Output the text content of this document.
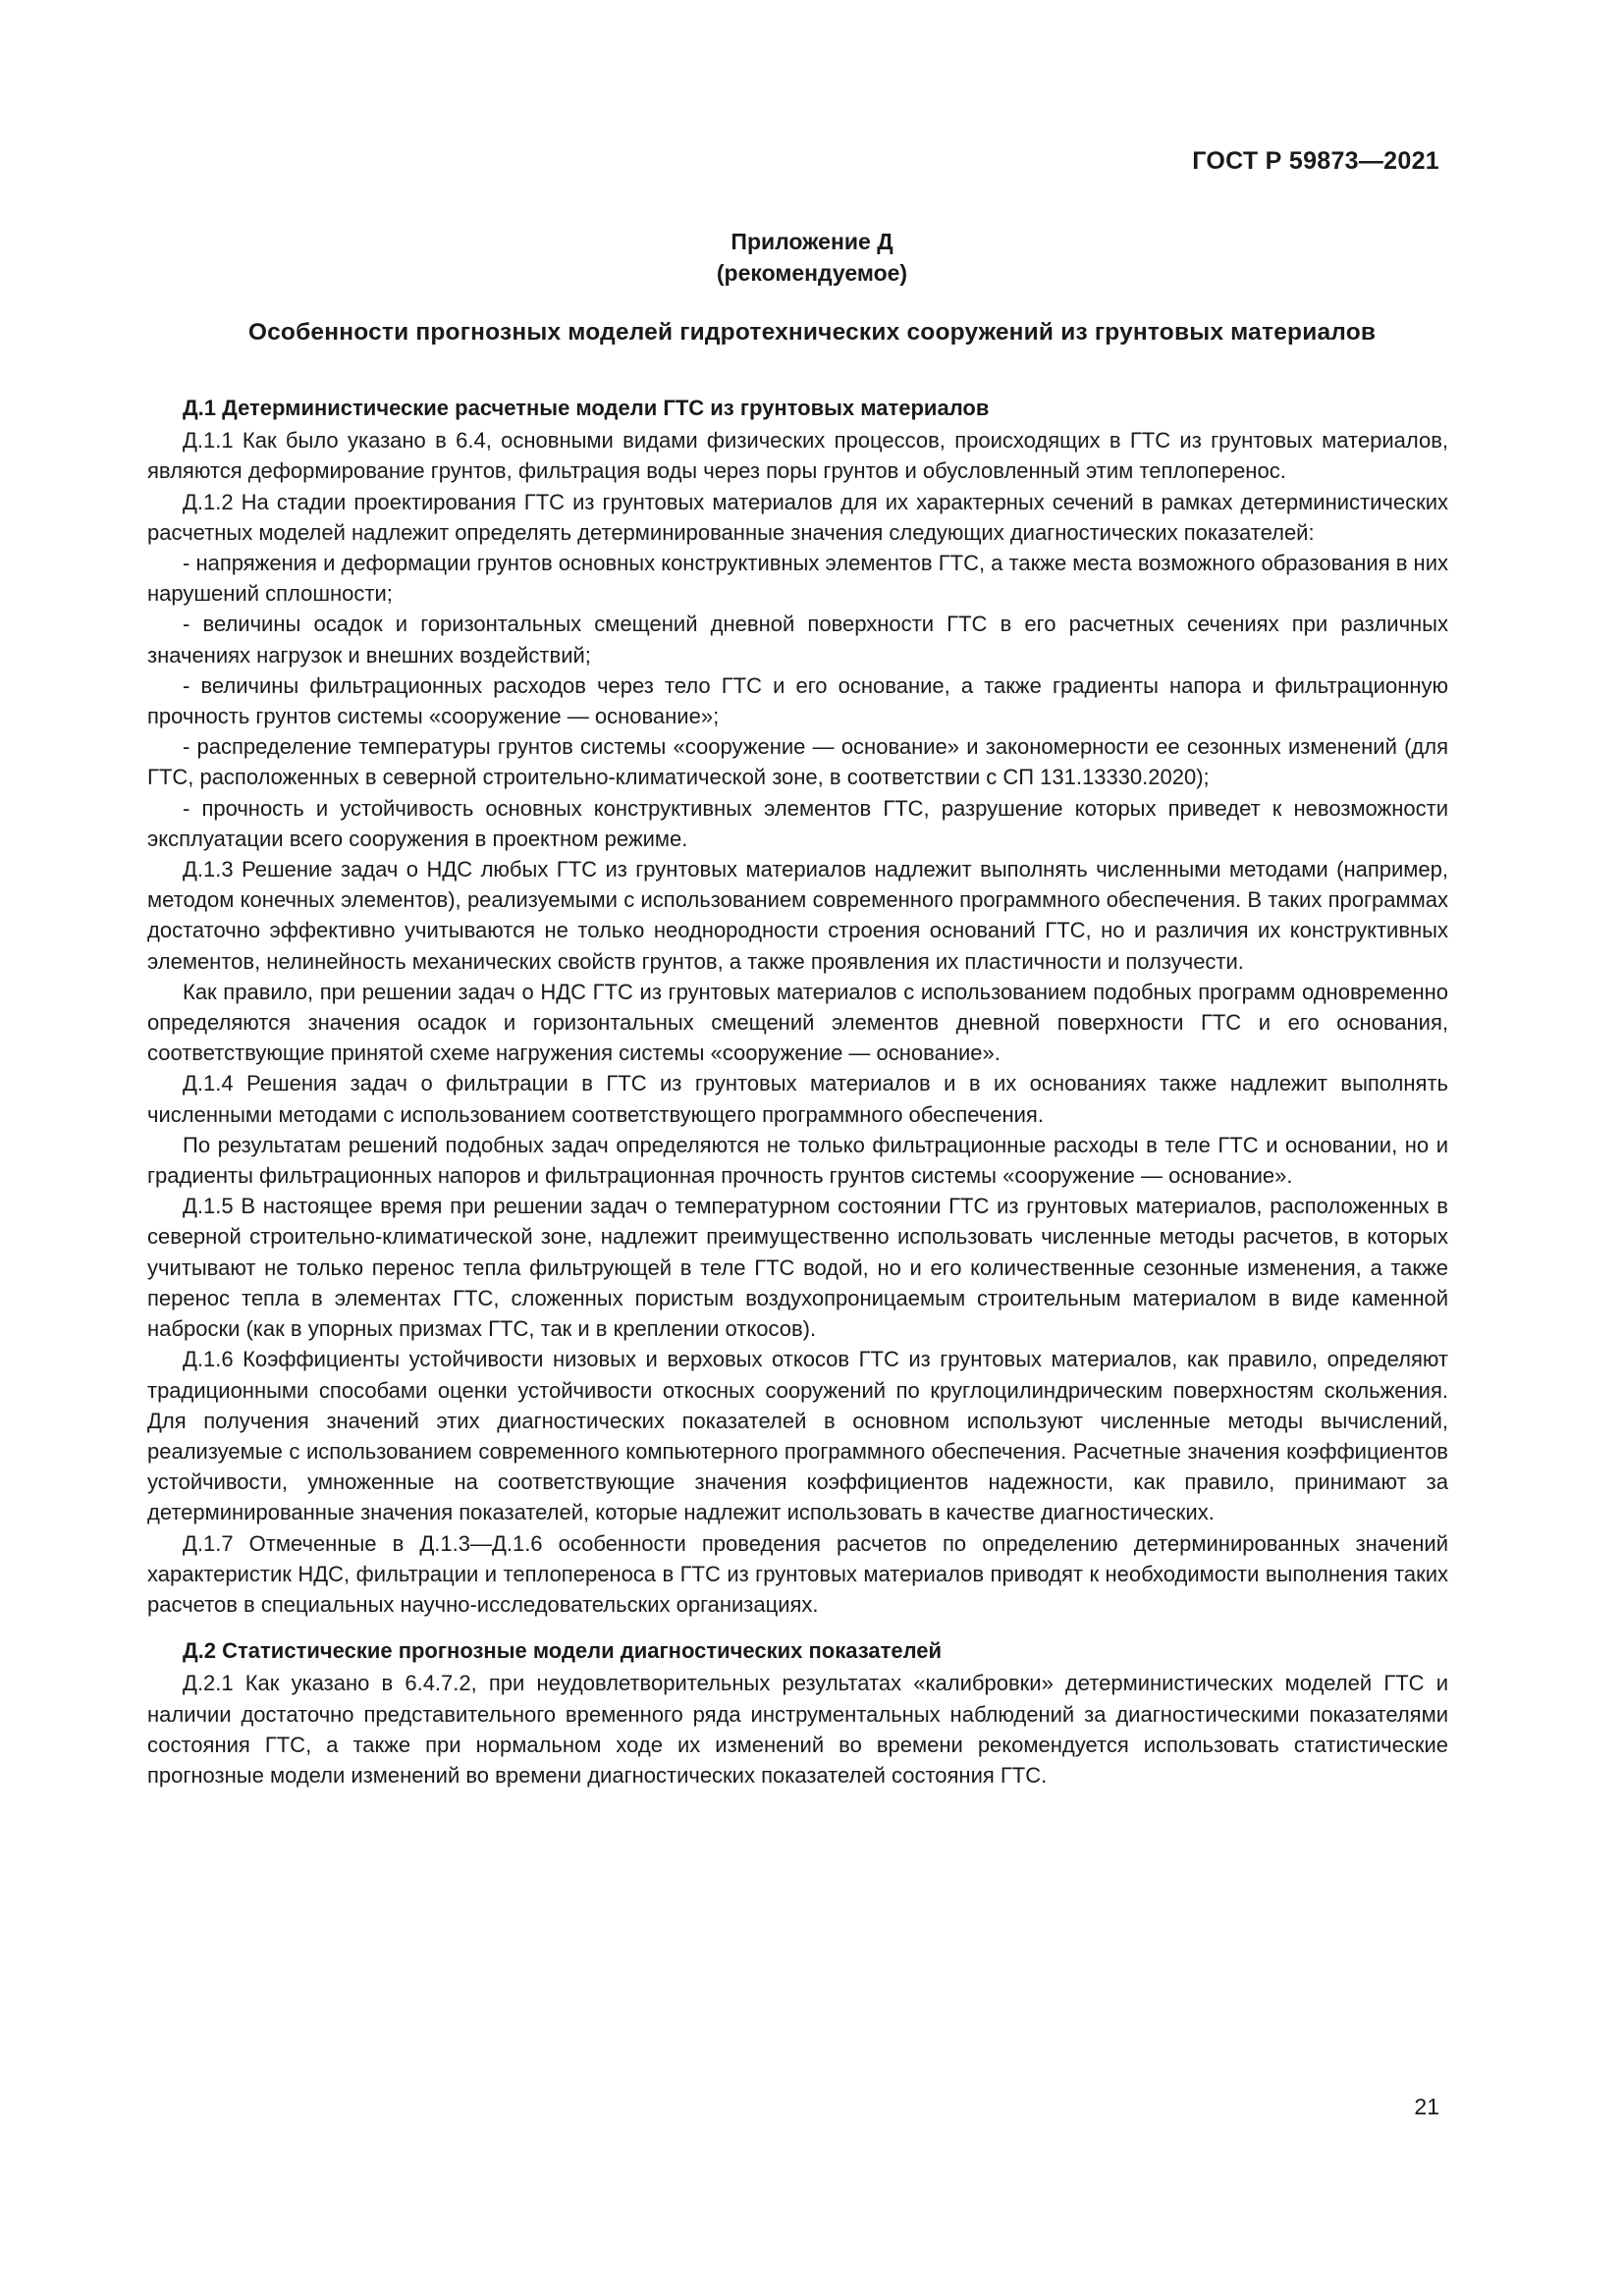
ГОСТ Р 59873—2021
Приложение Д
(рекомендуемое)
Особенности прогнозных моделей гидротехнических сооружений из грунтовых материалов
Д.1 Детерминистические расчетные модели ГТС из грунтовых материалов

Д.1.1 Как было указано в 6.4, основными видами физических процессов, происходящих в ГТС из грунтовых материалов, являются деформирование грунтов, фильтрация воды через поры грунтов и обусловленный этим теплоперенос.

Д.1.2 На стадии проектирования ГТС из грунтовых материалов для их характерных сечений в рамках детерминистических расчетных моделей надлежит определять детерминированные значения следующих диагностических показателей:

- напряжения и деформации грунтов основных конструктивных элементов ГТС, а также места возможного образования в них нарушений сплошности;

- величины осадок и горизонтальных смещений дневной поверхности ГТС в его расчетных сечениях при различных значениях нагрузок и внешних воздействий;

- величины фильтрационных расходов через тело ГТС и его основание, а также градиенты напора и фильтрационную прочность грунтов системы «сооружение — основание»;

- распределение температуры грунтов системы «сооружение — основание» и закономерности ее сезонных изменений (для ГТС, расположенных в северной строительно-климатической зоне, в соответствии с СП 131.13330.2020);

- прочность и устойчивость основных конструктивных элементов ГТС, разрушение которых приведет к невозможности эксплуатации всего сооружения в проектном режиме.

Д.1.3 Решение задач о НДС любых ГТС из грунтовых материалов надлежит выполнять численными методами (например, методом конечных элементов), реализуемыми с использованием современного программного обеспечения. В таких программах достаточно эффективно учитываются не только неоднородности строения оснований ГТС, но и различия их конструктивных элементов, нелинейность механических свойств грунтов, а также проявления их пластичности и ползучести.

Как правило, при решении задач о НДС ГТС из грунтовых материалов с использованием подобных программ одновременно определяются значения осадок и горизонтальных смещений элементов дневной поверхности ГТС и его основания, соответствующие принятой схеме нагружения системы «сооружение — основание».

Д.1.4 Решения задач о фильтрации в ГТС из грунтовых материалов и в их основаниях также надлежит выполнять численными методами с использованием соответствующего программного обеспечения.

По результатам решений подобных задач определяются не только фильтрационные расходы в теле ГТС и основании, но и градиенты фильтрационных напоров и фильтрационная прочность грунтов системы «сооружение — основание».

Д.1.5 В настоящее время при решении задач о температурном состоянии ГТС из грунтовых материалов, расположенных в северной строительно-климатической зоне, надлежит преимущественно использовать численные методы расчетов, в которых учитывают не только перенос тепла фильтрующей в теле ГТС водой, но и его количественные сезонные изменения, а также перенос тепла в элементах ГТС, сложенных пористым воздухопроницаемым строительным материалом в виде каменной наброски (как в упорных призмах ГТС, так и в креплении откосов).

Д.1.6 Коэффициенты устойчивости низовых и верховых откосов ГТС из грунтовых материалов, как правило, определяют традиционными способами оценки устойчивости откосных сооружений по круглоцилиндрическим поверхностям скольжения. Для получения значений этих диагностических показателей в основном используют численные методы вычислений, реализуемые с использованием современного компьютерного программного обеспечения. Расчетные значения коэффициентов устойчивости, умноженные на соответствующие значения коэффициентов надежности, как правило, принимают за детерминированные значения показателей, которые надлежит использовать в качестве диагностических.

Д.1.7 Отмеченные в Д.1.3—Д.1.6 особенности проведения расчетов по определению детерминированных значений характеристик НДС, фильтрации и теплопереноса в ГТС из грунтовых материалов приводят к необходимости выполнения таких расчетов в специальных научно-исследовательских организациях.

Д.2 Статистические прогнозные модели диагностических показателей

Д.2.1 Как указано в 6.4.7.2, при неудовлетворительных результатах «калибровки» детерминистических моделей ГТС и наличии достаточно представительного временного ряда инструментальных наблюдений за диагностическими показателями состояния ГТС, а также при нормальном ходе их изменений во времени рекомендуется использовать статистические прогнозные модели изменений во времени диагностических показателей состояния ГТС.

21
